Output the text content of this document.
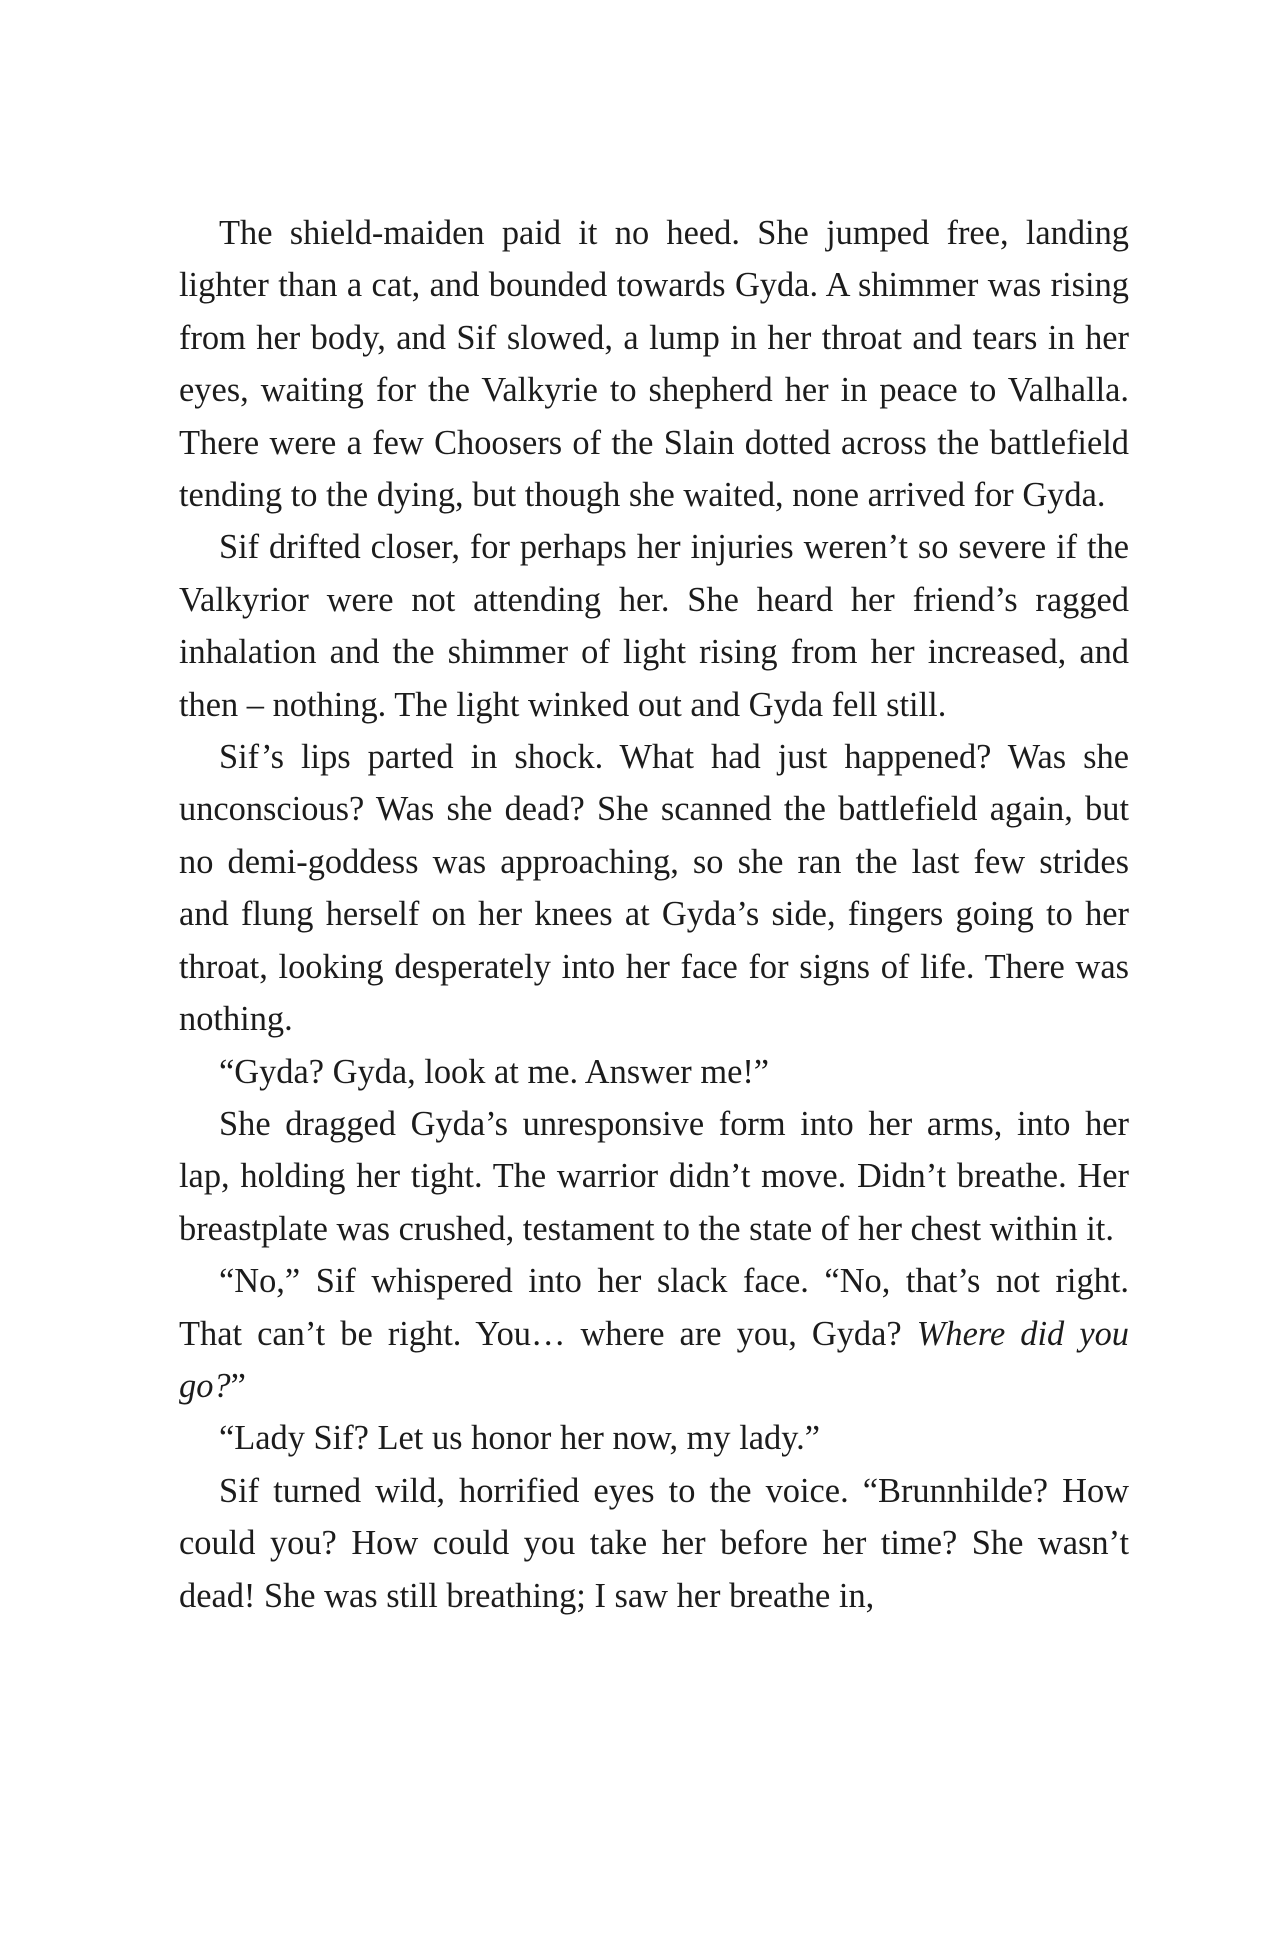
The shield-maiden paid it no heed. She jumped free, landing lighter than a cat, and bounded towards Gyda. A shimmer was rising from her body, and Sif slowed, a lump in her throat and tears in her eyes, waiting for the Valkyrie to shepherd her in peace to Valhalla. There were a few Choosers of the Slain dotted across the battlefield tending to the dying, but though she waited, none arrived for Gyda.

Sif drifted closer, for perhaps her injuries weren’t so severe if the Valkyrior were not attending her. She heard her friend’s ragged inhalation and the shimmer of light rising from her increased, and then – nothing. The light winked out and Gyda fell still.

Sif’s lips parted in shock. What had just happened? Was she unconscious? Was she dead? She scanned the battlefield again, but no demi-goddess was approaching, so she ran the last few strides and flung herself on her knees at Gyda’s side, fingers going to her throat, looking desperately into her face for signs of life. There was nothing.

“Gyda? Gyda, look at me. Answer me!”

She dragged Gyda’s unresponsive form into her arms, into her lap, holding her tight. The warrior didn’t move. Didn’t breathe. Her breastplate was crushed, testament to the state of her chest within it.

“No,” Sif whispered into her slack face. “No, that’s not right. That can’t be right. You… where are you, Gyda? Where did you go?”

“Lady Sif? Let us honor her now, my lady.”

Sif turned wild, horrified eyes to the voice. “Brunnhilde? How could you? How could you take her before her time? She wasn’t dead! She was still breathing; I saw her breathe in,
